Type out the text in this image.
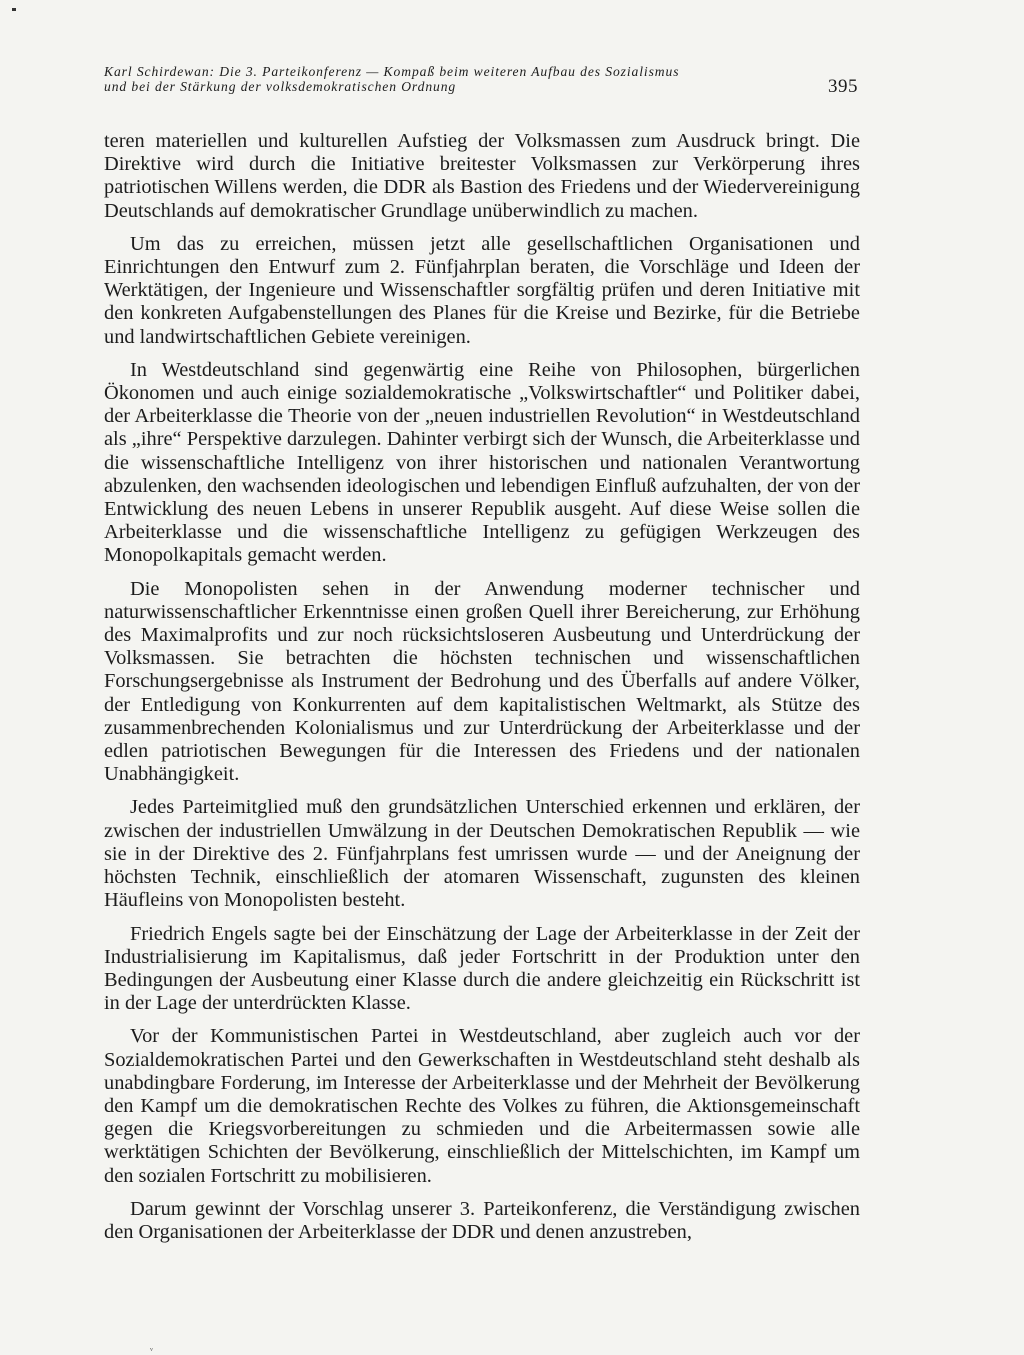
Karl Schirdewan: Die 3. Parteikonferenz — Kompaß beim weiteren Aufbau des Sozialismus
und bei der Stärkung der volksdemokratischen Ordnung	395

teren materiellen und kulturellen Aufstieg der Volksmassen zum Ausdruck bringt. Die Direktive wird durch die Initiative breitester Volksmassen zur Verkörperung ihres patriotischen Willens werden, die DDR als Bastion des Friedens und der Wiedervereinigung Deutschlands auf demokratischer Grundlage unüberwindlich zu machen.

Um das zu erreichen, müssen jetzt alle gesellschaftlichen Organisationen und Einrichtungen den Entwurf zum 2. Fünfjahrplan beraten, die Vorschläge und Ideen der Werktätigen, der Ingenieure und Wissenschaftler sorgfältig prüfen und deren Initiative mit den konkreten Aufgabenstellungen des Planes für die Kreise und Bezirke, für die Betriebe und landwirtschaftlichen Gebiete vereinigen.

In Westdeutschland sind gegenwärtig eine Reihe von Philosophen, bürgerlichen Ökonomen und auch einige sozialdemokratische „Volkswirtschaftler“ und Politiker dabei, der Arbeiterklasse die Theorie von der „neuen industriellen Revolution“ in Westdeutschland als „ihre“ Perspektive darzulegen. Dahinter verbirgt sich der Wunsch, die Arbeiterklasse und die wissenschaftliche Intelligenz von ihrer historischen und nationalen Verantwortung abzulenken, den wachsenden ideologischen und lebendigen Einfluß aufzuhalten, der von der Entwicklung des neuen Lebens in unserer Republik ausgeht. Auf diese Weise sollen die Arbeiterklasse und die wissenschaftliche Intelligenz zu gefügigen Werkzeugen des Monopolkapitals gemacht werden.

Die Monopolisten sehen in der Anwendung moderner technischer und naturwissenschaftlicher Erkenntnisse einen großen Quell ihrer Bereicherung, zur Erhöhung des Maximalprofits und zur noch rücksichtsloseren Ausbeutung und Unterdrückung der Volksmassen. Sie betrachten die höchsten technischen und wissenschaftlichen Forschungsergebnisse als Instrument der Bedrohung und des Überfalls auf andere Völker, der Entledigung von Konkurrenten auf dem kapitalistischen Weltmarkt, als Stütze des zusammenbrechenden Kolonialismus und zur Unterdrückung der Arbeiterklasse und der edlen patriotischen Bewegungen für die Interessen des Friedens und der nationalen Unabhängigkeit.

Jedes Parteimitglied muß den grundsätzlichen Unterschied erkennen und erklären, der zwischen der industriellen Umwälzung in der Deutschen Demokratischen Republik — wie sie in der Direktive des 2. Fünfjahrplans fest umrissen wurde — und der Aneignung der höchsten Technik, einschließlich der atomaren Wissenschaft, zugunsten des kleinen Häufleins von Monopolisten besteht.

Friedrich Engels sagte bei der Einschätzung der Lage der Arbeiterklasse in der Zeit der Industrialisierung im Kapitalismus, daß jeder Fortschritt in der Produktion unter den Bedingungen der Ausbeutung einer Klasse durch die andere gleichzeitig ein Rückschritt ist in der Lage der unterdrückten Klasse.

Vor der Kommunistischen Partei in Westdeutschland, aber zugleich auch vor der Sozialdemokratischen Partei und den Gewerkschaften in Westdeutschland steht deshalb als unabdingbare Forderung, im Interesse der Arbeiterklasse und der Mehrheit der Bevölkerung den Kampf um die demokratischen Rechte des Volkes zu führen, die Aktionsgemeinschaft gegen die Kriegsvorbereitungen zu schmieden und die Arbeitermassen sowie alle werktätigen Schichten der Bevölkerung, einschließlich der Mittelschichten, im Kampf um den sozialen Fortschritt zu mobilisieren.

Darum gewinnt der Vorschlag unserer 3. Parteikonferenz, die Verständigung zwischen den Organisationen der Arbeiterklasse der DDR und denen anzustreben,

ᵥ
